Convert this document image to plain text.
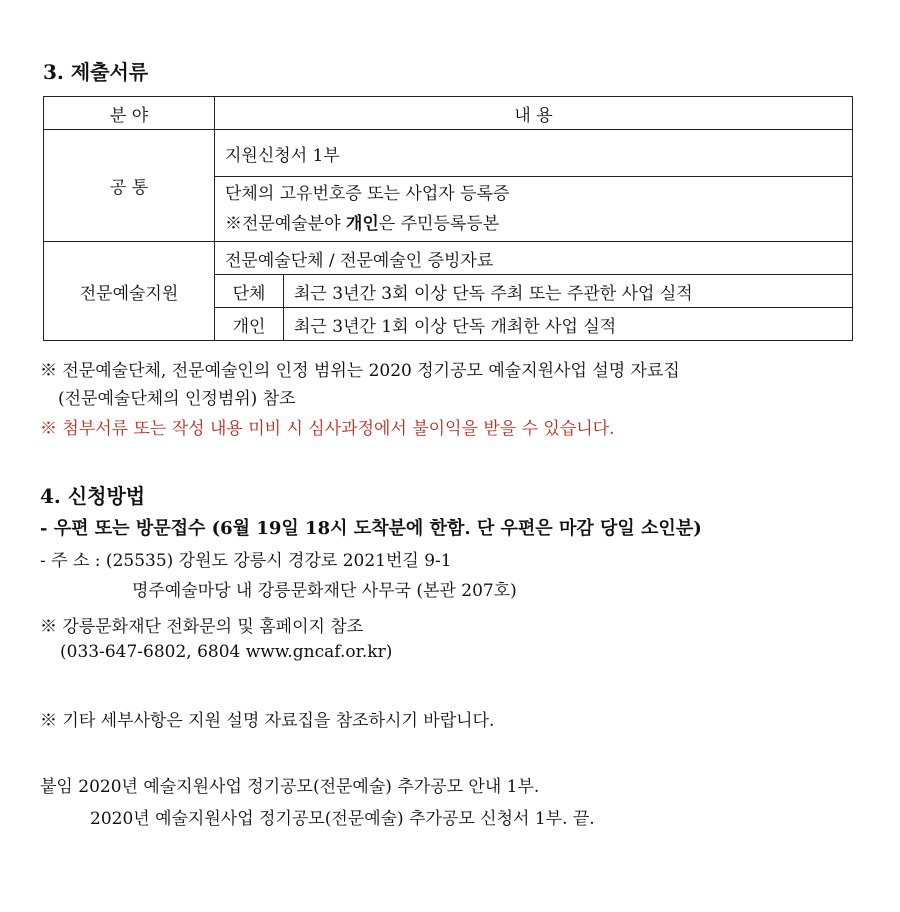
3. 제출서류
분 야	내 용	
공 통	지원신청서 1부	

	단체의 고유번호증 또는 사업자 등록증
※전문예술분야 개인은 주민등록등본	

전문예술지원	전문예술단체 / 전문예술인 증빙자료	
	단체	최근 3년간 3회 이상 단독 주최 또는 주관한 사업 실적
	개인	최근 3년간 1회 이상 단독 개최한 사업 실적
※ 전문예술단체, 전문예술인의 인정 범위는 2020 정기공모 예술지원사업 설명 자료집
(전문예술단체의 인정범위) 참조
※ 첨부서류 또는 작성 내용 미비 시 심사과정에서 불이익을 받을 수 있습니다.
4. 신청방법
- 우편 또는 방문접수 (6월 19일 18시 도착분에 한함. 단 우편은 마감 당일 소인분)
- 주 소 : (25535) 강원도 강릉시 경강로 2021번길 9-1
명주예술마당 내 강릉문화재단 사무국 (본관 207호)
※ 강릉문화재단 전화문의 및 홈페이지 참조
(033-647-6802, 6804 www.gncaf.or.kr)
※ 기타 세부사항은 지원 설명 자료집을 참조하시기 바랍니다.
붙임 2020년 예술지원사업 정기공모(전문예술) 추가공모 안내 1부.
2020년 예술지원사업 정기공모(전문예술) 추가공모 신청서 1부. 끝.
